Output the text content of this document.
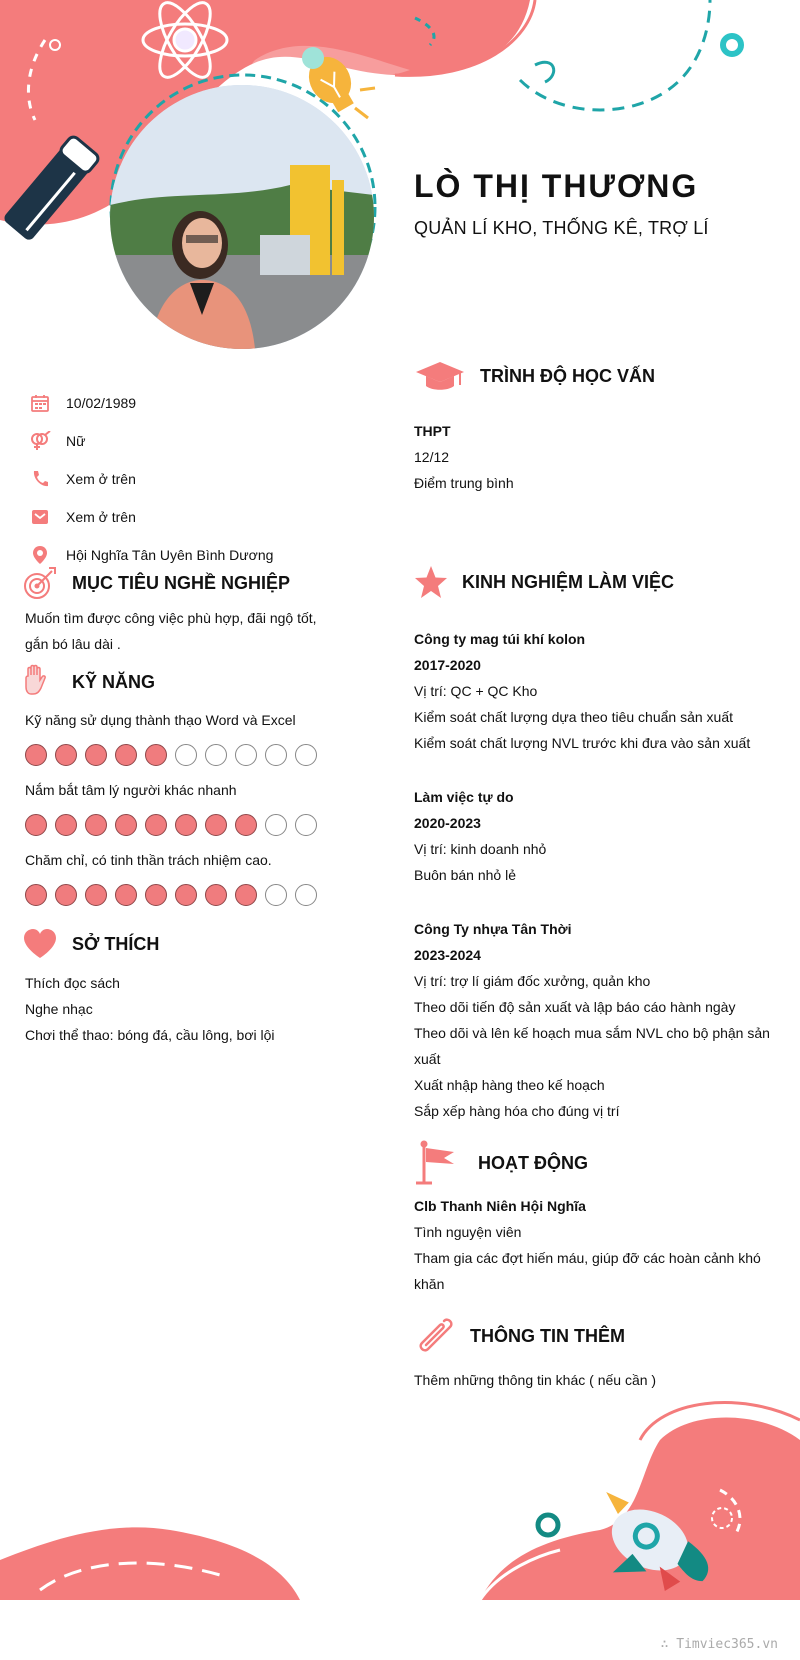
LÒ THỊ THƯƠNG
QUẢN LÍ KHO, THỐNG KÊ, TRỢ LÍ
10/02/1989
Nữ
Xem ở trên
Xem ở trên
Hội Nghĩa Tân Uyên Bình Dương
MỤC TIÊU NGHỀ NGHIỆP
Muốn tìm được công việc phù hợp, đãi ngộ tốt,
gắn bó lâu dài .
KỸ NĂNG
Kỹ năng sử dụng thành thạo Word và Excel
Nắm bắt tâm lý người khác nhanh
Chăm chỉ, có tinh thần trách nhiệm cao.
SỞ THÍCH
Thích đọc sách
Nghe nhạc
Chơi thể thao: bóng đá, cầu lông, bơi lội
TRÌNH ĐỘ HỌC VẤN
THPT
12/12
Điểm trung bình
KINH NGHIỆM LÀM VIỆC
Công ty mag túi khí kolon
2017-2020
Vị trí: QC + QC Kho
Kiểm soát chất lượng dựa theo tiêu chuẩn sản xuất
Kiểm soát chất lượng NVL trước khi đưa vào sản xuất
Làm việc tự do
2020-2023
Vị trí: kinh doanh nhỏ
Buôn bán nhỏ lẻ
Công Ty nhựa Tân Thời
2023-2024
Vị trí: trợ lí giám đốc xưởng, quản kho
Theo dõi tiến độ sản xuất và lập báo cáo hành ngày
Theo dõi và lên kế hoạch mua sắm NVL cho bộ phận sản
xuất
Xuất nhập hàng theo kế hoạch
Sắp xếp hàng hóa cho đúng vị trí
HOẠT ĐỘNG
Clb Thanh Niên Hội Nghĩa
Tình nguyện viên
Tham gia các đợt hiến máu, giúp đỡ các hoàn cảnh khó
khăn
THÔNG TIN THÊM
Thêm những thông tin khác ( nếu cần )
∴ Timviec365.vn
